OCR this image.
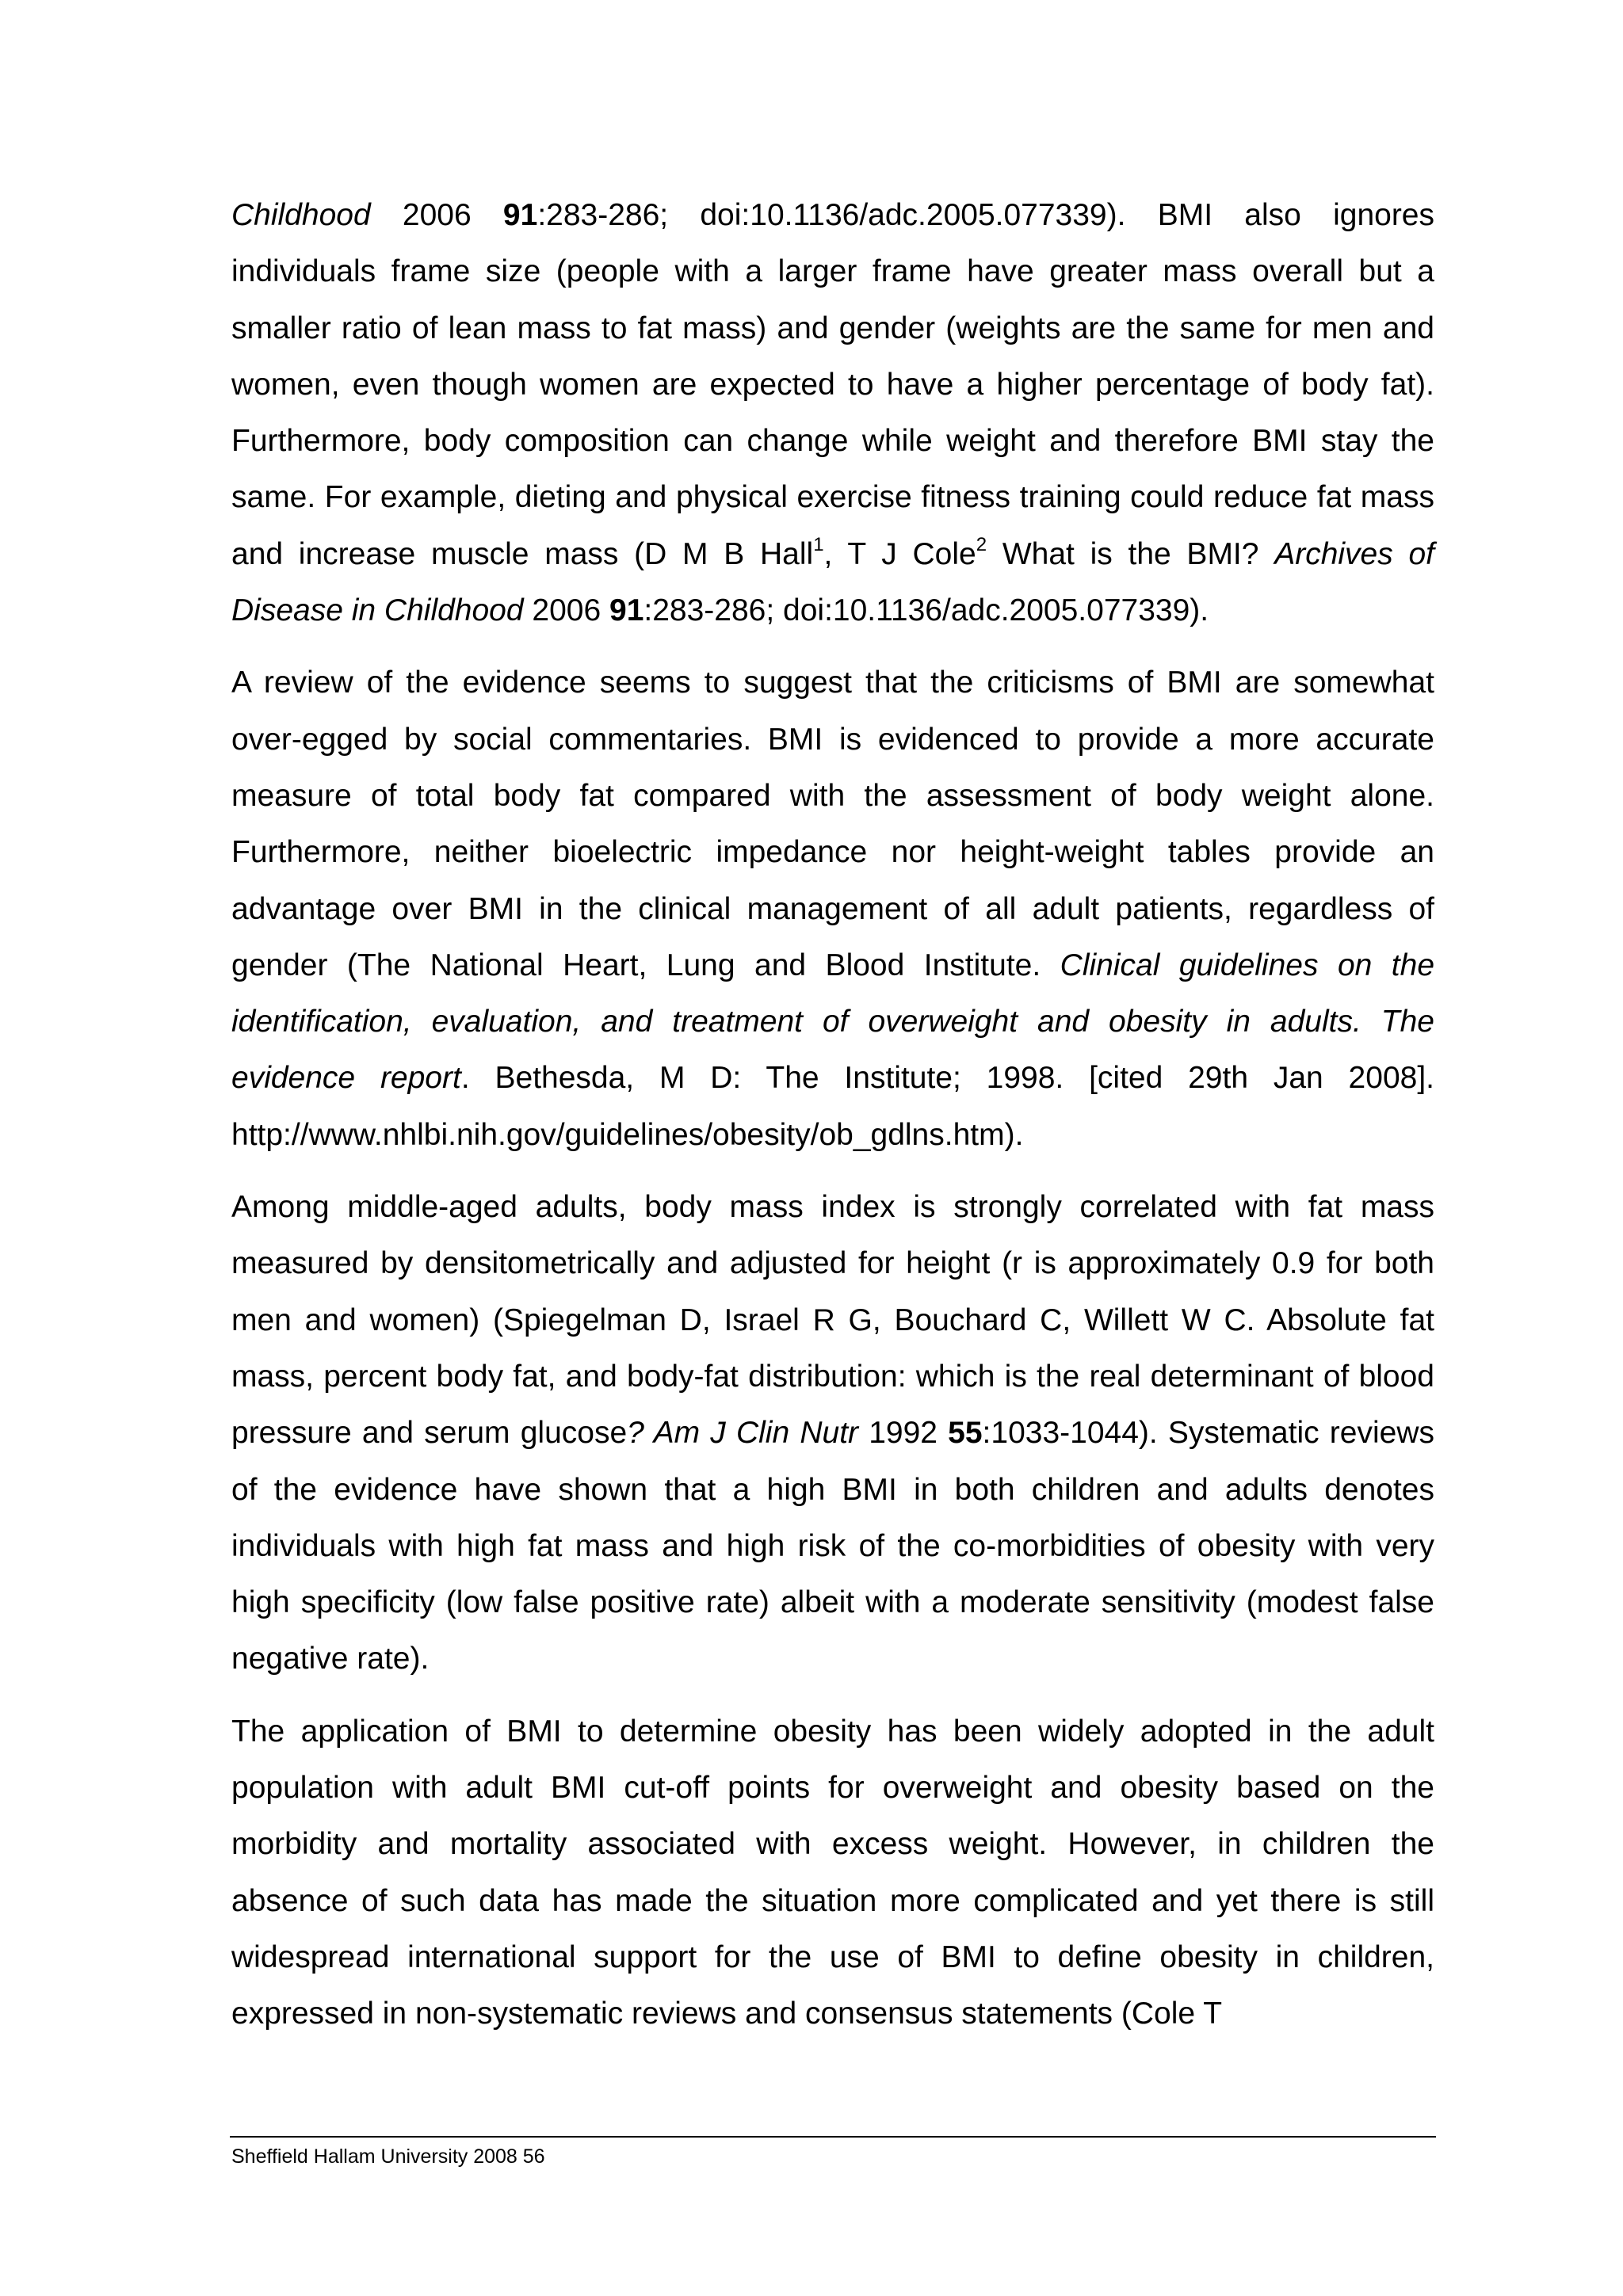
Childhood 2006 91:283-286; doi:10.1136/adc.2005.077339). BMI also ignores individuals frame size (people with a larger frame have greater mass overall but a smaller ratio of lean mass to fat mass) and gender (weights are the same for men and women, even though women are expected to have a higher percentage of body fat). Furthermore, body composition can change while weight and therefore BMI stay the same. For example, dieting and physical exercise fitness training could reduce fat mass and increase muscle mass (D M B Hall$^1$, T J Cole$^2$ What is the BMI? Archives of Disease in Childhood 2006 91:283-286; doi:10.1136/adc.2005.077339).

A review of the evidence seems to suggest that the criticisms of BMI are somewhat over-egged by social commentaries. BMI is evidenced to provide a more accurate measure of total body fat compared with the assessment of body weight alone. Furthermore, neither bioelectric impedance nor height-weight tables provide an advantage over BMI in the clinical management of all adult patients, regardless of gender (The National Heart, Lung and Blood Institute. Clinical guidelines on the identification, evaluation, and treatment of overweight and obesity in adults. The evidence report. Bethesda, M D: The Institute; 1998. [cited 29th Jan 2008]. http://www.nhlbi.nih.gov/guidelines/obesity/ob_gdlns.htm).

Among middle-aged adults, body mass index is strongly correlated with fat mass measured by densitometrically and adjusted for height (r is approximately 0.9 for both men and women) (Spiegelman D, Israel R G, Bouchard C, Willett W C. Absolute fat mass, percent body fat, and body-fat distribution: which is the real determinant of blood pressure and serum glucose? Am J Clin Nutr 1992 55:1033-1044). Systematic reviews of the evidence have shown that a high BMI in both children and adults denotes individuals with high fat mass and high risk of the co-morbidities of obesity with very high specificity (low false positive rate) albeit with a moderate sensitivity (modest false negative rate).

The application of BMI to determine obesity has been widely adopted in the adult population with adult BMI cut-off points for overweight and obesity based on the morbidity and mortality associated with excess weight. However, in children the absence of such data has made the situation more complicated and yet there is still widespread international support for the use of BMI to define obesity in children, expressed in non-systematic reviews and consensus statements (Cole T

Sheffield Hallam University 2008 56
